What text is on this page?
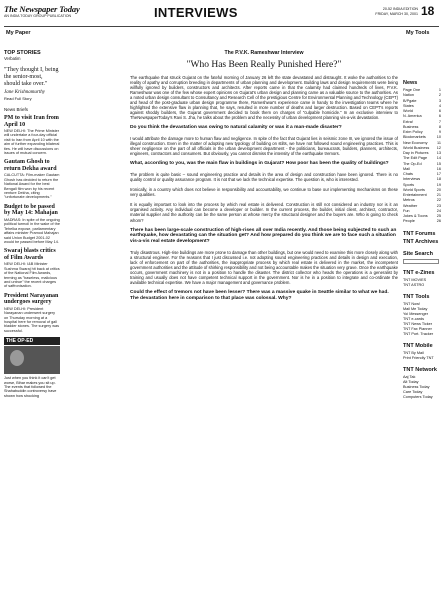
The Newspaper Today
AN INDIA TODAY GROUP PUBLICATION	INTERVIEWS	20-52 INDIA EDITION
FRIDAY, MARCH 30, 2001 18
My Paper	My Tools
TOP STORIES
Verbatim
"They thought I, being the senior-most, should take over."
Jane Krishnamurthy
Read Full Story
News Briefs
PM to visit Iran from April 10
NEW DELHI: The Prime Minister will undertake a four-day official visit to Iran from April 10 with the aim of further expanding bilateral ties. He will have discussions on issues of mutual concern.
Gautam Ghosh to return Dekha award
CALCUTTA: Film-maker Gautam Ghosh has decided to return the National Award for the best Bengali film won by his recent venture Dekha, citing "unfortunate developments."
Budget to be passed by May 14: Mahajan
MADRAS: In spite of the ongoing political turmoil in the wake of the Tehelka expose, parliamentary affairs minister Pramod Mahajan said Union Budget 2001-02 would be passed before May 14.
Swaraj blasts critics of Film Awards
NEW DELHI: I&B Minister Sushma Swaraj hit back at critics of the National Film Awards, terming as "baseless, malicious and untrue" the recent charges of saffronisation.
President Narayanan undergoes surgery
NEW DELHI: President Narayanan underwent surgery on Thursday morning at a hospital here for removal of gall bladder stones. The surgery was successful.
THE OP-ED
Just when you think it can't get worse, Bihar makes you sit up. The events that followed the Shahabuddin controversy have shown how shocking
The P.V.K. Rameshwar Interview
"Who Has Been Really Punished Here?"
The earthquake that struck Gujarat on the fateful morning of January 26 left the state devastated and distraught. It woke the authorities to the reality of apathy and corruption breeding in departments of urban planning and development. Building laws and design requirements were being willfully ignored by builders, constructors and architects. After reports came in that the calamity had claimed hundreds of lives, P.V.K. Rameshwar was one of the few whose expert opinions on Gujarat's urban design and planning came as a valuable source to the authorities. As a noted urban design consultant to Consultancy and Research Cell of the prestigious Centre for Environmental Planning and Technology (CEPT) and head of the post-graduate urban design programme there, Rameshwar's experience came in handy to the investigation teams where he highlighted the extensive flaw in planning that, he says, resulted in more number of deaths and larger destruction. Based on CEPT's reports against shoddy builders, the Gujarat government decided to book them on charges of "culpable homicide." In an exclusive interview to TheNewspaperToday's Ravi S. Jha, he talks about the problem and the necessity of urban development planning vis-a-vis devastation.
Do you think the devastation was owing to natural calamity or was it a man-made disaster?
I would attribute the damage more to human flaw and negligence. In spite of the fact that Gujarat lies in seismic zone III, we ignored the issue of illegal construction. Even in the matter of adopting new typology of building on stilts, we have not followed sound engineering practices. This is sheer negligence on the part of all officials in the urban development department - the politicians, bureaucrats, builders, planners, architects, engineers, contractors and consumers. But obviously, you cannot dismiss the intensity of the earthquake tremors.
What, according to you, was the main flaw in buildings in Gujarat? How poor has been the quality of buildings?
The problem is quite basic – sound engineering practice and details in the area of design and construction have been ignored. There is no quality control or quality assurance program. It is not that we lack the technical expertise. The question is, who is interested.
Ironically, in a country which does not believe in responsibility and accountability, we continue to base our implementing mechanisms on these very qualities.
It is equally important to look into the process by which real estate is delivered. Construction is still not considered an industry nor is it an organised activity. Any individual can become a developer or builder. In the current process, the builder, initial client, architect, contractor, material supplier and the authority can be the same person at whose mercy the structural designer and the buyers are. Who is going to check whom?
There has been large-scale construction of high-rises all over India recently. And those being subjected to such an earthquake, how devastating can the situation get? And how prepared do you think we are to face such a situation vis-a-vis real estate development?
Truly disastrous. High-rise buildings are more prone to damage than other buildings, but one would need to examine this more closely along with a structural engineer. For the reasons that I just discussed i.e. not adopting sound engineering practices and details in design and execution, lack of enforcement on part of the authorities, the inappropriate process by which real estate is delivered in the market, the incompetent government authorities and the attitude of shirking responsibility and not being accountable makes the situation very grave. Once the earthquake occurs, government machinery is not in a position to handle the disaster. The district collector who heads the operations is a generalist by training and usually does not have competent technical support in the government. Nor is he in a position to integrate and co-ordinate the available technical expertise. We have a major management and governance problem.
Could the effect of tremors not have been lesser? There was a massive quake in Seattle similar to what we had. The devastation here in comparison to that place was colossal. Why?
News
Page One	1
Nation	2
B/Pgate	3
States	4
World	6
N. America	6
Extra!	7
Business	8
Exim Policy	9
Blockmarkets	10
New Economy	11
World Business 12
Day in Pictures 13
The Edit Page	14
The Op-Ed	15
Mail	16
Chats	17
Interviews	18
Sports	19
World Sports	20
Entertainment	21
Metros	22
Weather	23
Fun	24
Jokes & Toons 25
People	26
TNT Forums
TNT Archives
Site Search
TNT e-Zines
TNT MOVIES
TNT ASTRO
TNT Tools
TNT Now!
Mail Me Today
Yoi Messenger
TNT e-cards
TNT News Ticker
TNT Fax Planner
TNT Port. Tracker
TNT Mobile
TNT By Mail
Print Friendly TNT
TNT Network
Aaj Tak
Alt Today
Business Today
Care Today
Computers Today
